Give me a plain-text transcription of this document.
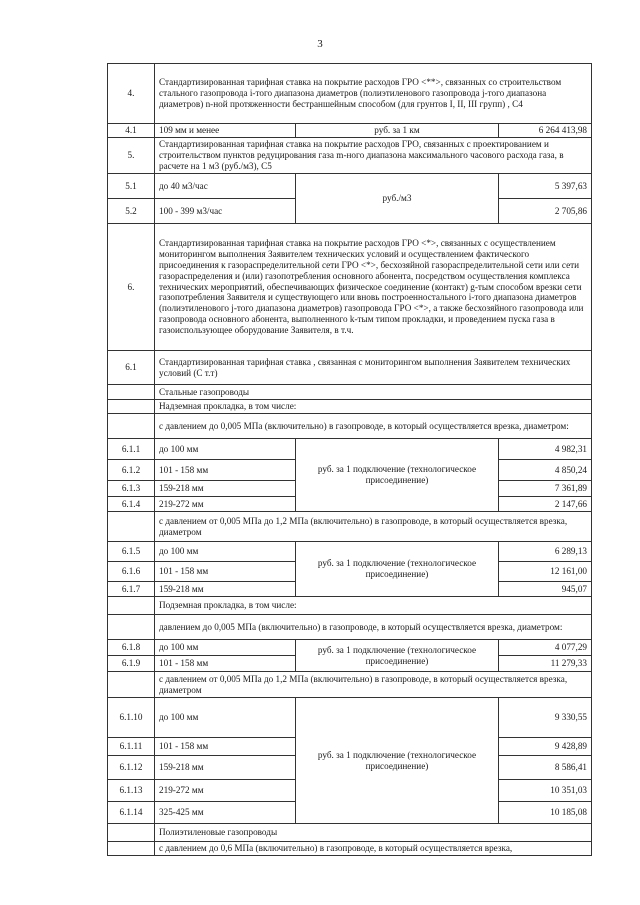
3
4.	Стандартизированная тарифная ставка на покрытие расходов ГРО <**>, связанных со строительством стального газопровода i-того диапазона диаметров (полиэтиленового газопровода j-того диапазона диаметров) n-ной протяженности бестраншейным способом (для грунтов I, II, III групп) , С4		
4.1	109 мм и менее	руб. за 1 км	6 264 413,98
5.	Стандартизированная тарифная ставка на покрытие расходов ГРО, связанных с проектированием и строительством пунктов редуцирования газа m-ного диапазона максимального часового расхода газа, в расчете на 1 м3 (руб./м3), С5		
5.1	до 40 м3/час	руб./м3	5 397,63
5.2	100 - 399 м3/час		2 705,86
6.	Стандартизированная тарифная ставка на покрытие расходов ГРО <*>, связанных с осуществлением мониторингом выполнения Заявителем технических условий и осуществлением фактического присоединения к газораспределительной сети ГРО <*>, бесхозяйной газораспределительной сети или сети газораспределения и (или) газопотребления основного абонента, посредством осуществления комплекса технических мероприятий, обеспечивающих физическое соединение (контакт) g-тым способом врезки сети газопотребления Заявителя и существующего или вновь построенностального i-того диапазона диаметров (полиэтиленового j-того диапазона диаметров) газопровода ГРО <*>, а также бесхозяйного газопровода или газопровода основного абонента, выполненного k-тым типом прокладки, и проведением пуска газа в газоиспользующее оборудование Заявителя, в т.ч.		
6.1	Стандартизированная тарифная ставка , связанная с мониторингом выполнения Заявителем технических условий (С т.т)		
	Стальные газопроводы		
	Надземная прокладка, в том числе:		
	с давлением до 0,005 МПа (включительно) в газопроводе, в который осуществляется врезка, диаметром:		
6.1.1	до 100 мм	руб. за 1 подключение (технологическое присоединение)	4 982,31
6.1.2	101 - 158 мм		4 850,24
6.1.3	159-218 мм		7 361,89
6.1.4	219-272 мм		2 147,66
	с давлением от 0,005 МПа до 1,2 МПа (включительно) в газопроводе, в который осуществляется врезка, диаметром		
6.1.5	до 100 мм	руб. за 1 подключение (технологическое присоединение)	6 289,13
6.1.6	101 - 158 мм		12 161,00
6.1.7	159-218 мм		945,07
	Подземная прокладка, в том числе:		
	давлением до 0,005 МПа (включительно) в газопроводе, в который осуществляется врезка, диаметром:		
6.1.8	до 100 мм	руб. за 1 подключение (технологическое присоединение)	4 077,29
6.1.9	101 - 158 мм		11 279,33
	с давлением от 0,005 МПа до 1,2 МПа (включительно) в газопроводе, в который осуществляется врезка, диаметром		
6.1.10	до 100 мм	руб. за 1 подключение (технологическое присоединение)	9 330,55
6.1.11	101 - 158 мм		9 428,89
6.1.12	159-218 мм		8 586,41
6.1.13	219-272 мм		10 351,03
6.1.14	325-425 мм		10 185,08
	Полиэтиленовые газопроводы		
	с давлением до 0,6 МПа (включительно) в газопроводе, в который осуществляется врезка,		
